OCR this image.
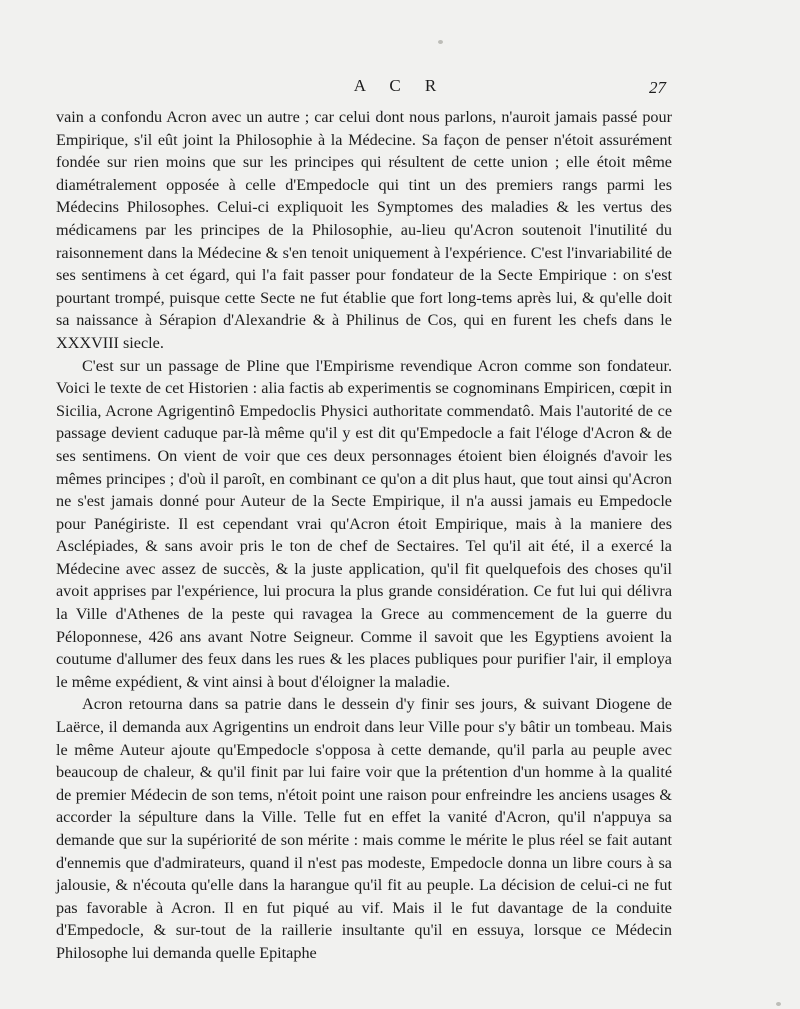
A C R	27

vain a confondu Acron avec un autre ; car celui dont nous parlons, n'auroit jamais passé pour Empirique, s'il eût joint la Philosophie à la Médecine. Sa façon de penser n'étoit assurément fondée sur rien moins que sur les principes qui résultent de cette union ; elle étoit même diamétralement opposée à celle d'Empedocle qui tint un des premiers rangs parmi les Médecins Philosophes. Celui-ci expliquoit les Symptomes des maladies & les vertus des médicamens par les principes de la Philosophie, au-lieu qu'Acron soutenoit l'inutilité du raisonnement dans la Médecine & s'en tenoit uniquement à l'expérience. C'est l'invariabilité de ses sentimens à cet égard, qui l'a fait passer pour fondateur de la Secte Empirique : on s'est pourtant trompé, puisque cette Secte ne fut établie que fort long-tems après lui, & qu'elle doit sa naissance à Sérapion d'Alexandrie & à Philinus de Cos, qui en furent les chefs dans le XXXVIII siecle.

C'est sur un passage de Pline que l'Empirisme revendique Acron comme son fondateur. Voici le texte de cet Historien : alia factis ab experimentis se cognominans Empiricen, cœpit in Sicilia, Acrone Agrigentinô Empedoclis Physici authoritate commendatô. Mais l'autorité de ce passage devient caduque par-là même qu'il y est dit qu'Empedocle a fait l'éloge d'Acron & de ses sentimens. On vient de voir que ces deux personnages étoient bien éloignés d'avoir les mêmes principes ; d'où il paroît, en combinant ce qu'on a dit plus haut, que tout ainsi qu'Acron ne s'est jamais donné pour Auteur de la Secte Empirique, il n'a aussi jamais eu Empedocle pour Panégiriste. Il est cependant vrai qu'Acron étoit Empirique, mais à la maniere des Asclépiades, & sans avoir pris le ton de chef de Sectaires. Tel qu'il ait été, il a exercé la Médecine avec assez de succès, & la juste application, qu'il fit quelquefois des choses qu'il avoit apprises par l'expérience, lui procura la plus grande considération. Ce fut lui qui délivra la Ville d'Athenes de la peste qui ravagea la Grece au commencement de la guerre du Péloponnese, 426 ans avant Notre Seigneur. Comme il savoit que les Egyptiens avoient la coutume d'allumer des feux dans les rues & les places publiques pour purifier l'air, il employa le même expédient, & vint ainsi à bout d'éloigner la maladie.

Acron retourna dans sa patrie dans le dessein d'y finir ses jours, & suivant Diogene de Laërce, il demanda aux Agrigentins un endroit dans leur Ville pour s'y bâtir un tombeau. Mais le même Auteur ajoute qu'Empedocle s'opposa à cette demande, qu'il parla au peuple avec beaucoup de chaleur, & qu'il finit par lui faire voir que la prétention d'un homme à la qualité de premier Médecin de son tems, n'étoit point une raison pour enfreindre les anciens usages & accorder la sépulture dans la Ville. Telle fut en effet la vanité d'Acron, qu'il n'appuya sa demande que sur la supériorité de son mérite : mais comme le mérite le plus réel se fait autant d'ennemis que d'admirateurs, quand il n'est pas modeste, Empedocle donna un libre cours à sa jalousie, & n'écouta qu'elle dans la harangue qu'il fit au peuple. La décision de celui-ci ne fut pas favorable à Acron. Il en fut piqué au vif. Mais il le fut davantage de la conduite d'Empedocle, & sur-tout de la raillerie insultante qu'il en essuya, lorsque ce Médecin Philosophe lui demanda quelle Epitaphe
